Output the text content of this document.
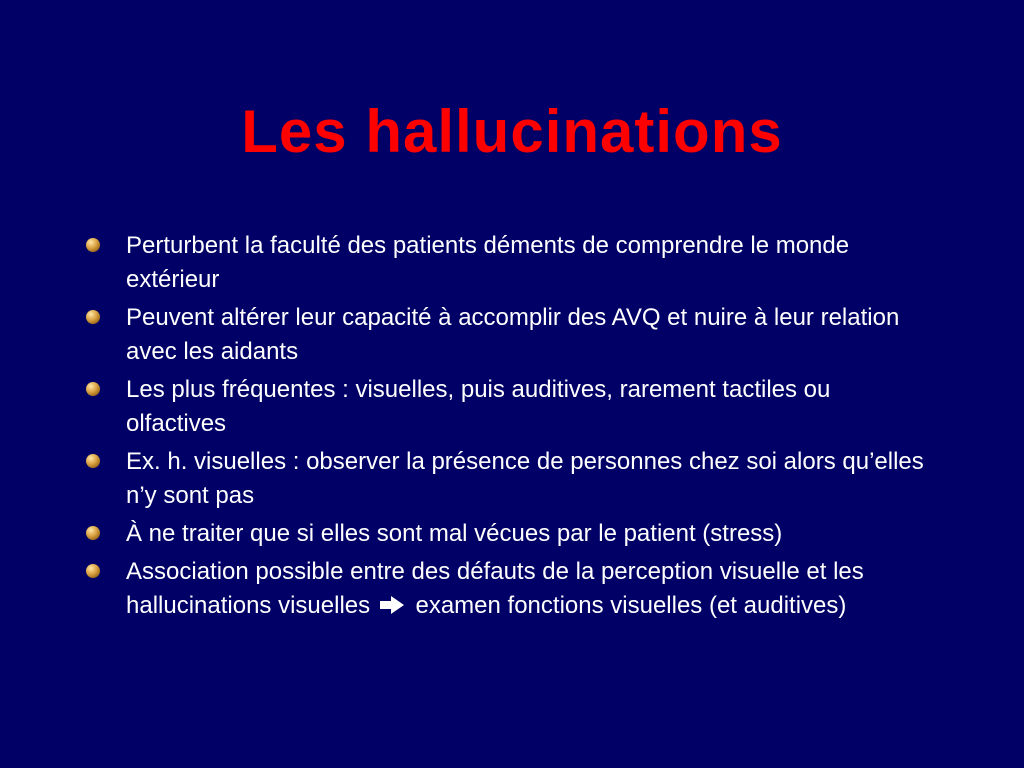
Les hallucinations
Perturbent la faculté des patients déments de comprendre le monde extérieur
Peuvent altérer leur capacité à accomplir des AVQ et nuire à leur relation avec les aidants
Les plus fréquentes : visuelles, puis auditives, rarement tactiles ou olfactives
Ex. h. visuelles : observer la présence de personnes chez soi alors qu’elles n’y sont pas
À ne traiter que si elles sont mal vécues par le patient (stress)
Association possible entre des défauts de la perception visuelle et les hallucinations visuelles examen fonctions visuelles (et auditives)
